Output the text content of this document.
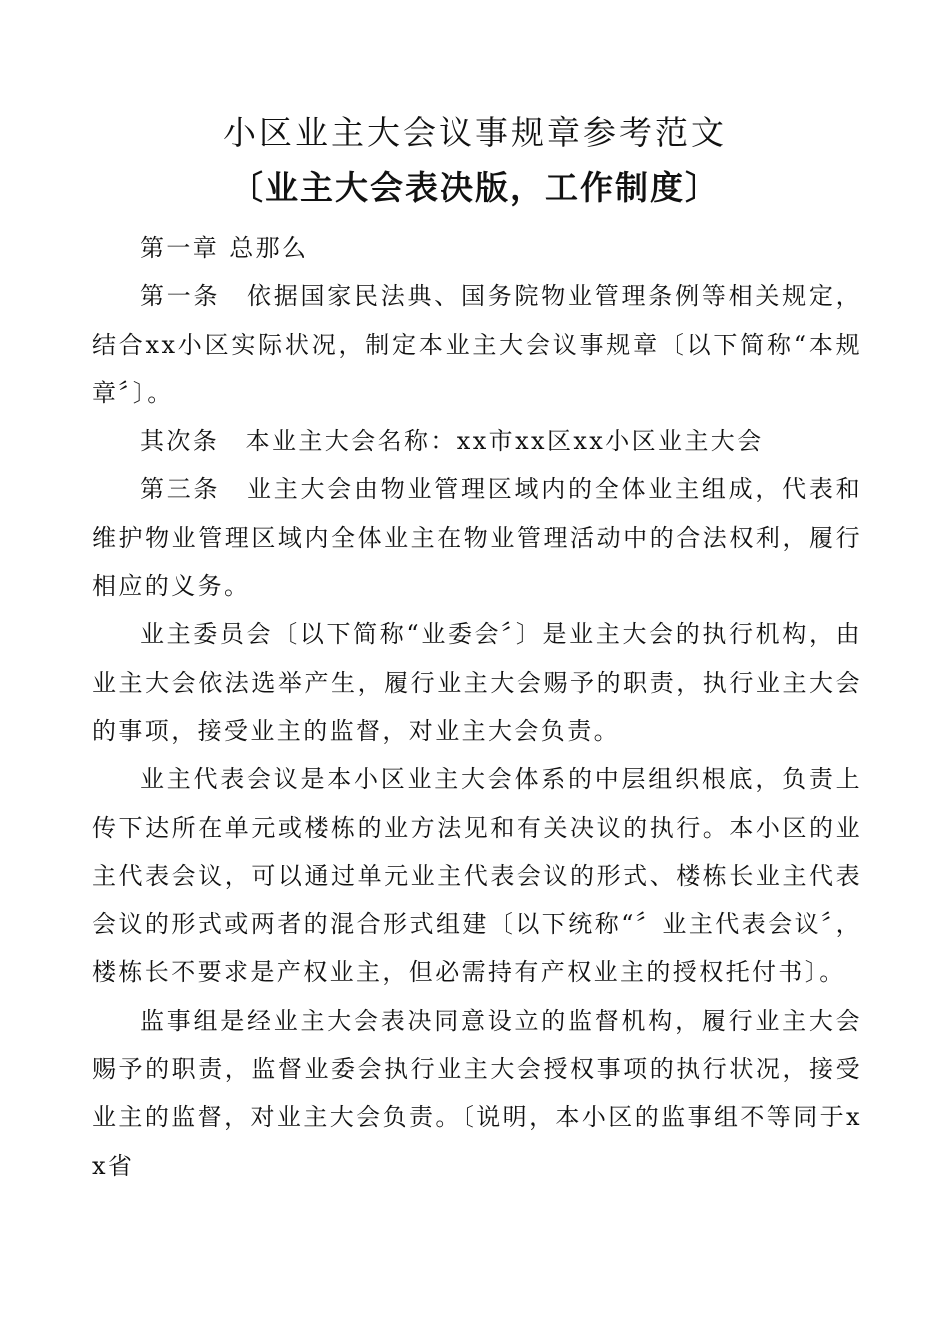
小区业主大会议事规章参考范文
〔业主大会表决版，工作制度〕

第一章 总那么

第一条　依据国家民法典、国务院物业管理条例等相关规定，结合xx小区实际状况，制定本业主大会议事规章〔以下简称“本规章〞〕。

其次条　本业主大会名称：xx市xx区xx小区业主大会

第三条　业主大会由物业管理区域内的全体业主组成，代表和维护物业管理区域内全体业主在物业管理活动中的合法权利，履行相应的义务。

业主委员会〔以下简称“业委会〞〕是业主大会的执行机构，由业主大会依法选举产生，履行业主大会赐予的职责，执行业主大会的事项，接受业主的监督，对业主大会负责。

业主代表会议是本小区业主大会体系的中层组织根底，负责上传下达所在单元或楼栋的业方法见和有关决议的执行。本小区的业主代表会议，可以通过单元业主代表会议的形式、楼栋长业主代表会议的形式或两者的混合形式组建〔以下统称“〞业主代表会议〞，楼栋长不要求是产权业主，但必需持有产权业主的授权托付书〕。

监事组是经业主大会表决同意设立的监督机构，履行业主大会赐予的职责，监督业委会执行业主大会授权事项的执行状况，接受业主的监督，对业主大会负责。〔说明，本小区的监事组不等同于xx省
